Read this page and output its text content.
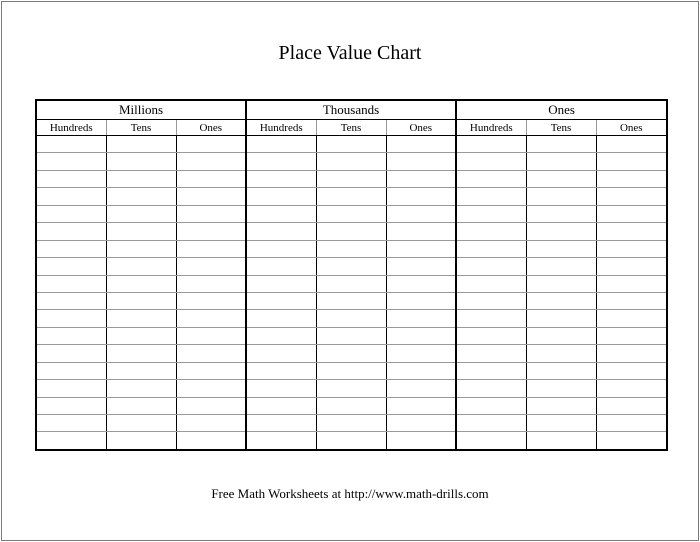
Place Value Chart
Millions			Thousands			Ones		
Hundreds	Tens	Ones	Hundreds	Tens	Ones	Hundreds	Tens	Ones

Free Math Worksheets at http://www.math-drills.com
